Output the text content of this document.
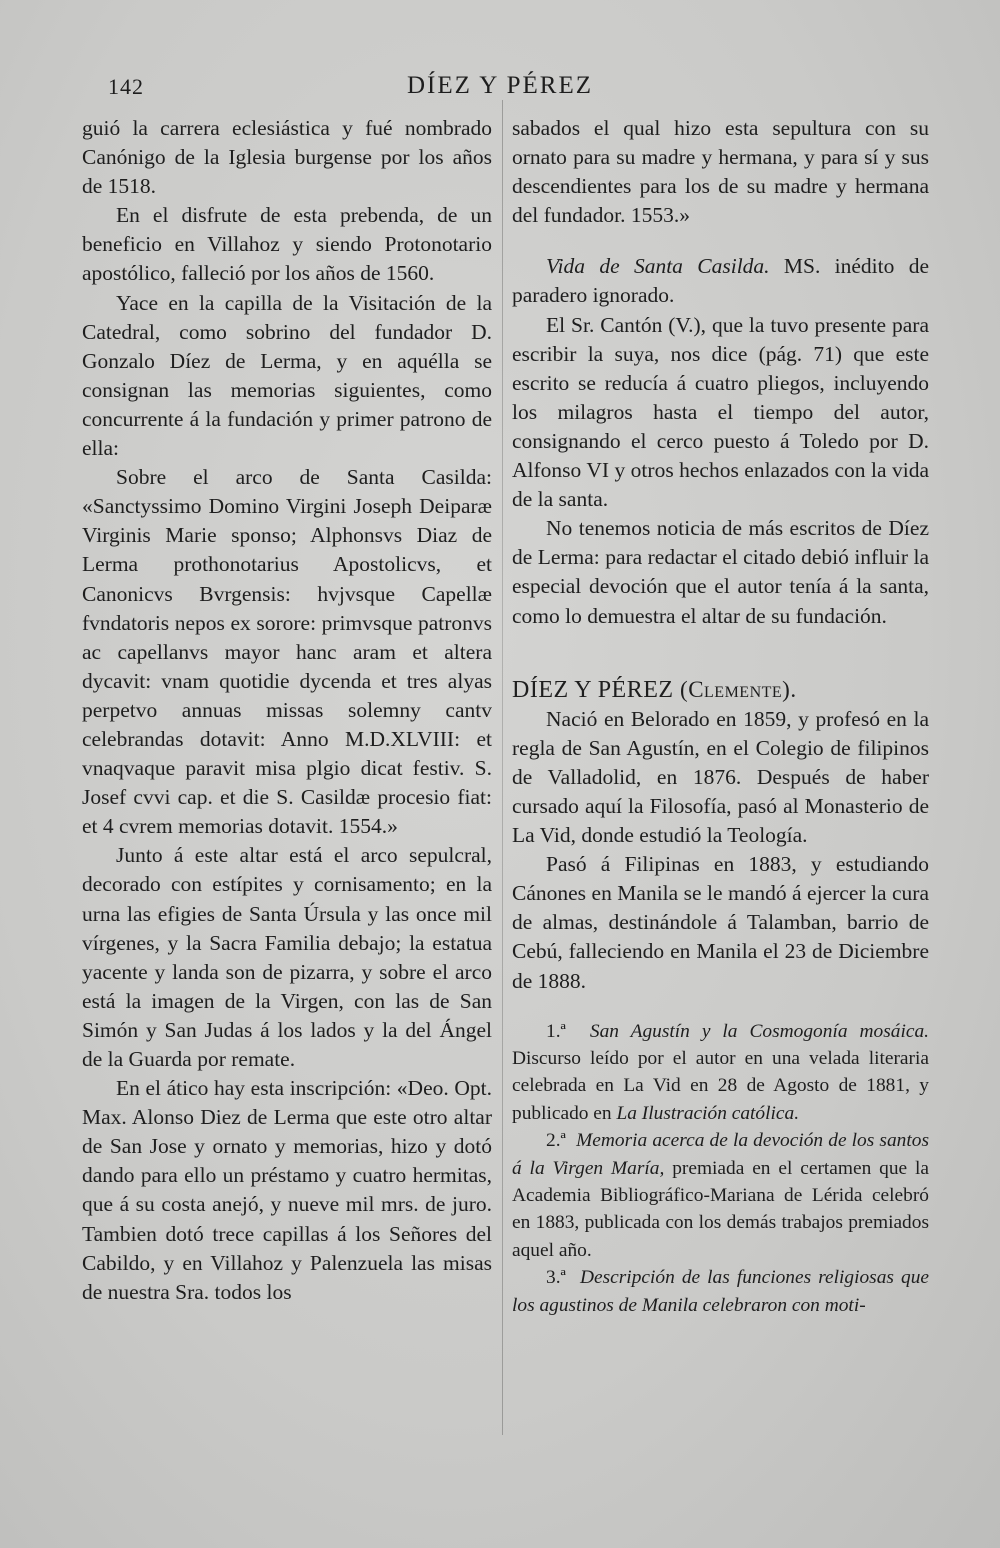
142	DÍEZ Y PÉREZ

guió la carrera eclesiástica y fué nombrado Canónigo de la Iglesia burgense por los años de 1518.

En el disfrute de esta prebenda, de un beneficio en Villahoz y siendo Protonotario apostólico, falleció por los años de 1560.

Yace en la capilla de la Visitación de la Catedral, como sobrino del fundador D. Gonzalo Díez de Lerma, y en aquélla se consignan las memorias siguientes, como concurrente á la fundación y primer patrono de ella:

Sobre el arco de Santa Casilda: «Sanctyssimo Domino Virgini Joseph Deiparæ Virginis Marie sponso; Alphonsvs Diaz de Lerma prothonotarius Apostolicvs, et Canonicvs Bvrgensis: hvjvsque Capellæ fvndatoris nepos ex sorore: primvsque patronvs ac capellanvs mayor hanc aram et altera dycavit: vnam quotidie dycenda et tres alyas perpetvo annuas missas solemny cantv celebrandas dotavit: Anno M.D.XLVIII: et vnaqvaque paravit misa plgio dicat festiv. S. Josef cvvi cap. et die S. Casildæ procesio fiat: et 4 cvrem memorias dotavit. 1554.»

Junto á este altar está el arco sepulcral, decorado con estípites y cornisamento; en la urna las efigies de Santa Úrsula y las once mil vírgenes, y la Sacra Familia debajo; la estatua yacente y landa son de pizarra, y sobre el arco está la imagen de la Virgen, con las de San Simón y San Judas á los lados y la del Ángel de la Guarda por remate.

En el ático hay esta inscripción: «Deo. Opt. Max. Alonso Diez de Lerma que este otro altar de San Jose y ornato y memorias, hizo y dotó dando para ello un préstamo y cuatro hermitas, que á su costa anejó, y nueve mil mrs. de juro. Tambien dotó trece capillas á los Señores del Cabildo, y en Villahoz y Palenzuela las misas de nuestra Sra. todos los

sabados el qual hizo esta sepultura con su ornato para su madre y hermana, y para sí y sus descendientes para los de su madre y hermana del fundador. 1553.»

Vida de Santa Casilda. MS. inédito de paradero ignorado.

El Sr. Cantón (V.), que la tuvo presente para escribir la suya, nos dice (pág. 71) que este escrito se reducía á cuatro pliegos, incluyendo los milagros hasta el tiempo del autor, consignando el cerco puesto á Toledo por D. Alfonso VI y otros hechos enlazados con la vida de la santa.

No tenemos noticia de más escritos de Díez de Lerma: para redactar el citado debió influir la especial devoción que el autor tenía á la santa, como lo demuestra el altar de su fundación.

DÍEZ Y PÉREZ (Clemente).

Nació en Belorado en 1859, y profesó en la regla de San Agustín, en el Colegio de filipinos de Valladolid, en 1876. Después de haber cursado aquí la Filosofía, pasó al Monasterio de La Vid, donde estudió la Teología.

Pasó á Filipinas en 1883, y estudiando Cánones en Manila se le mandó á ejercer la cura de almas, destinándole á Talamban, barrio de Cebú, falleciendo en Manila el 23 de Diciembre de 1888.

1.ª San Agustín y la Cosmogonía mosáica. Discurso leído por el autor en una velada literaria celebrada en La Vid en 28 de Agosto de 1881, y publicado en La Ilustración católica.

2.ª Memoria acerca de la devoción de los santos á la Virgen María, premiada en el certamen que la Academia Bibliográfico-Mariana de Lérida celebró en 1883, publicada con los demás trabajos premiados aquel año.

3.ª Descripción de las funciones religiosas que los agustinos de Manila celebraron con moti-
